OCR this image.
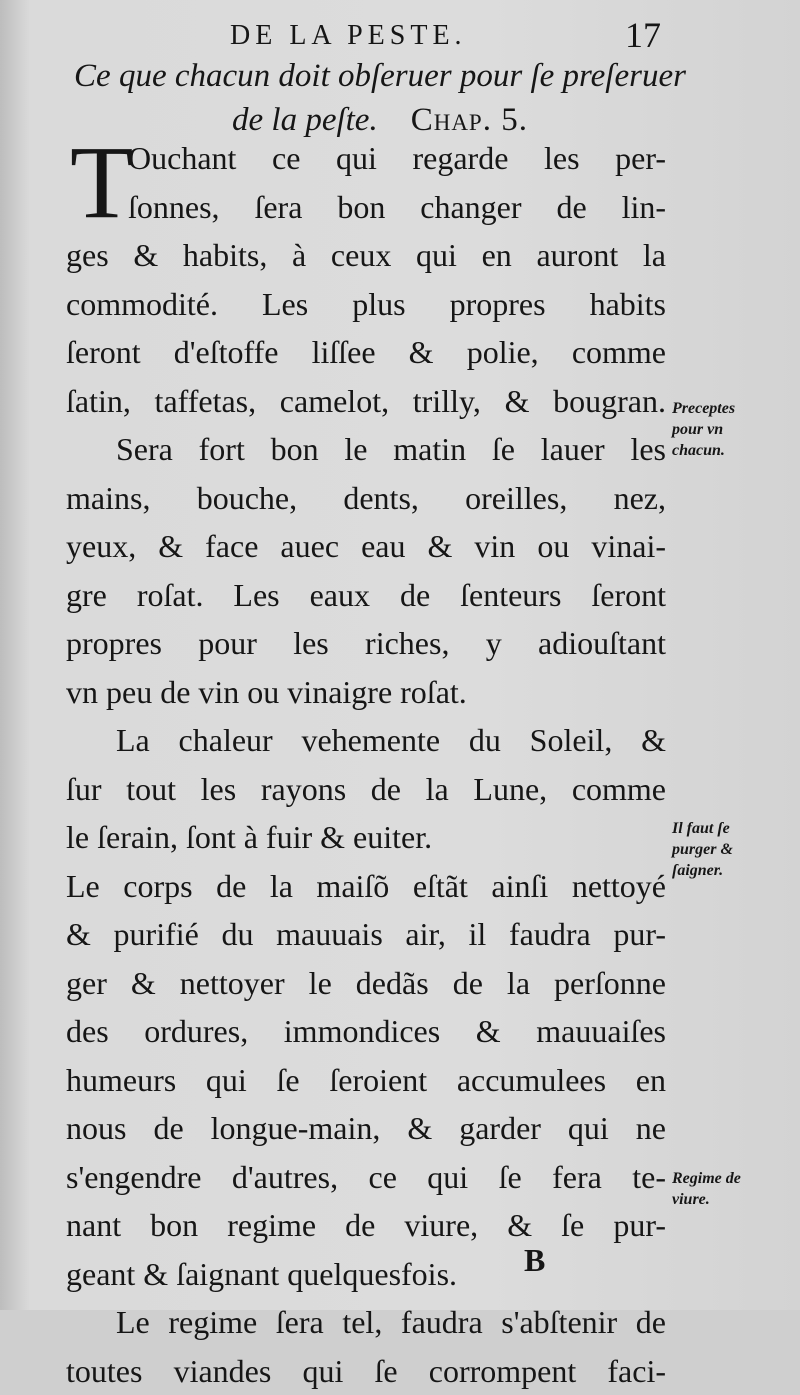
DE LA PESTE.	17
Ce que chacun doit obſeruer pour ſe preſeruer
de la peſte. Chap. 5.
T
Ouchant ce qui regarde les per-
ſonnes, ſera bon changer de lin-
ges & habits, à ceux qui en auront la
commodité. Les plus propres habits
ſeront d'eſtoffe liſſee & polie, comme
ſatin, taffetas, camelot, trilly, & bougran.
Sera fort bon le matin ſe lauer les
mains, bouche, dents, oreilles, nez,
yeux, & face auec eau & vin ou vinai-
gre roſat. Les eaux de ſenteurs ſeront
propres pour les riches, y adiouſtant
vn peu de vin ou vinaigre roſat.
La chaleur vehemente du Soleil, &
ſur tout les rayons de la Lune, comme
le ſerain, ſont à fuir & euiter.
Le corps de la maiſõ eſtãt ainſi nettoyé
& purifié du mauuais air, il faudra pur-
ger & nettoyer le dedãs de la perſonne
des ordures, immondices & mauuaiſes
humeurs qui ſe ſeroient accumulees en
nous de longue-main, & garder qui ne
s'engendre d'autres, ce qui ſe fera te-
nant bon regime de viure, & ſe pur-
geant & ſaignant quelquesfois.
Le regime ſera tel, faudra s'abſtenir de
toutes viandes qui ſe corrompent faci-
Preceptes
pour vn
chacun.
Il faut ſe
purger &
ſaigner.
Regime de
viure.
B
